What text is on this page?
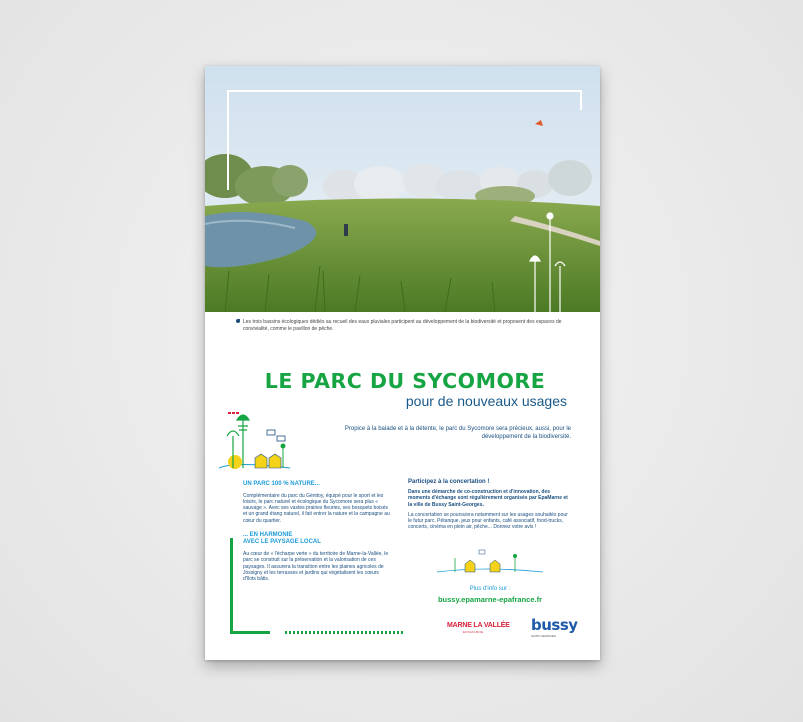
Les trois bassins écologiques dédiés au recueil des eaux pluviales participent au développement de la biodiversité et proposent des espaces de convivialité, comme le pavillon de pêche.

LE PARC DU SYCOMORE
pour de nouveaux usages

Propice à la balade et à la détente, le parc du Sycomore sera précieux, aussi, pour le développement de la biodiversité.

UN PARC 100 % NATURE...

Complémentaire du parc du Génitoy, équipé pour le sport et les loisirs, le parc naturel et écologique du Sycomore sera plus « sauvage ». Avec ses vastes prairies fleuries, ses bosquets boisés et un grand étang naturel, il fait entrer la nature et la campagne au cœur du quartier.

... EN HARMONIE

AVEC LE PAYSAGE LOCAL

Au cœur de « l'écharpe verte » du territoire de Marne-la-Vallée, le parc se construit sur la préservation et la valorisation de ces paysages. Il assurera la transition entre les plaines agricoles de Jossigny et les terrasses et jardins qui végétalisent les cœurs d'îlots bâtis.

Participez à la concertation !

Dans une démarche de co-construction et d'innovation, des moments d'échange sont régulièrement organisés par EpaMarne et la ville de Bussy Saint-Georges.

La concertation se poursuivra notamment sur les usages souhaités pour le futur parc. Pétanque, jeux pour enfants, café associatif, food-trucks, concerts, cinéma en plein air, pêche... Donnez votre avis !

Plus d'info sur :

bussy.epamarne-epafrance.fr
MARNE LA VALLÉE
EPAMARNE	bussy
SAINT-GEORGES
